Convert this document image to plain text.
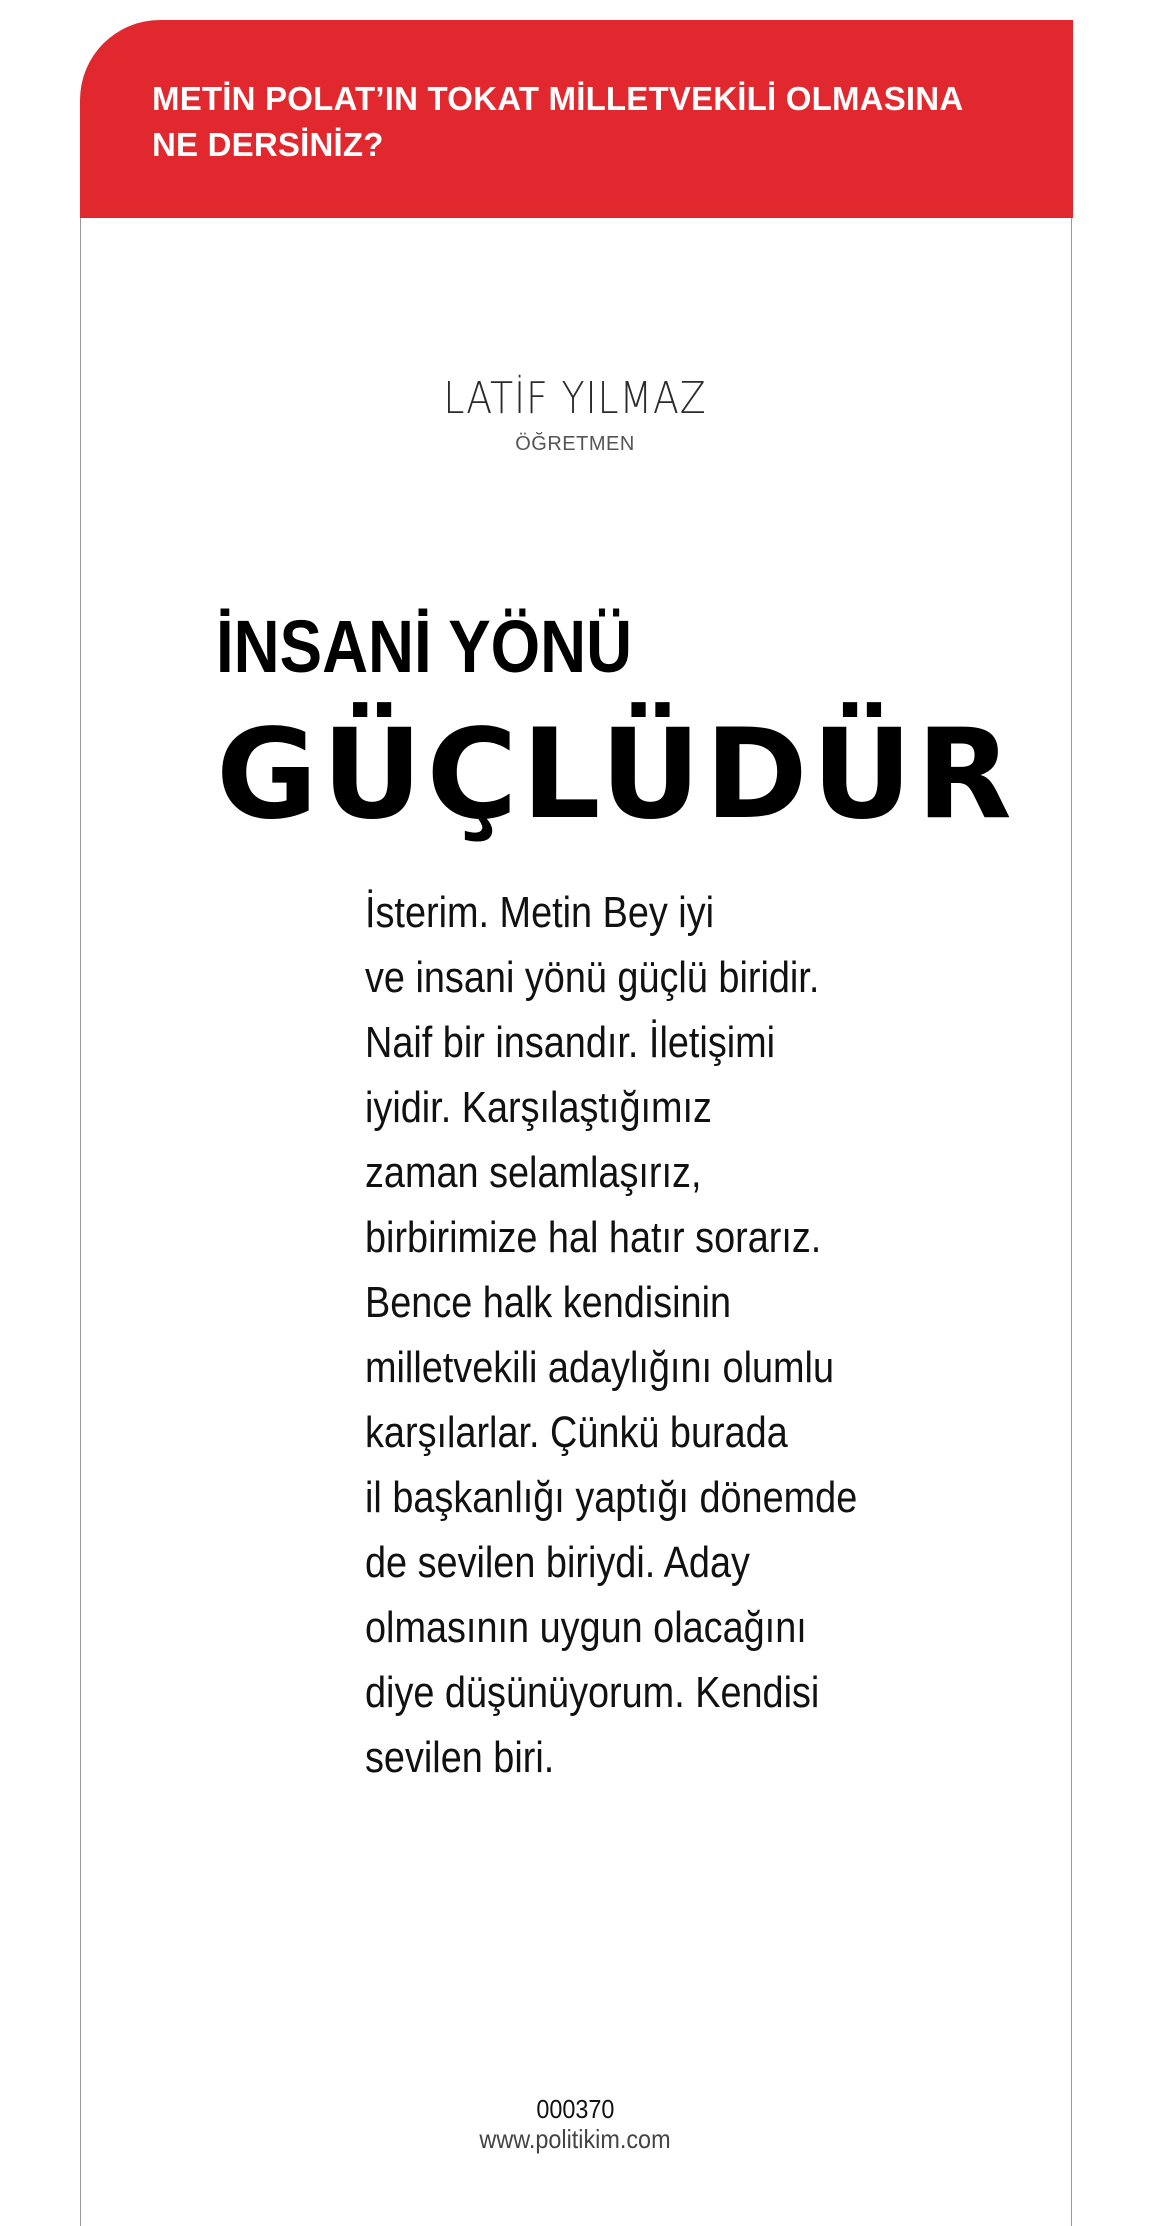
METİN POLAT’IN TOKAT MİLLETVEKİLİ OLMASINA
NE DERSİNİZ?

LATİF YILMAZ
ÖĞRETMEN
İNSANİ YÖNÜ
GÜÇLÜDÜR
İsterim. Metin Bey iyi
ve insani yönü güçlü biridir.
Naif bir insandır. İletişimi
iyidir. Karşılaştığımız
zaman selamlaşırız,
birbirimize hal hatır sorarız.
Bence halk kendisinin
milletvekili adaylığını olumlu
karşılarlar. Çünkü burada
il başkanlığı yaptığı dönemde
de sevilen biriydi. Aday
olmasının uygun olacağını
diye düşünüyorum. Kendisi
sevilen biri.
000370
www.politikim.com
